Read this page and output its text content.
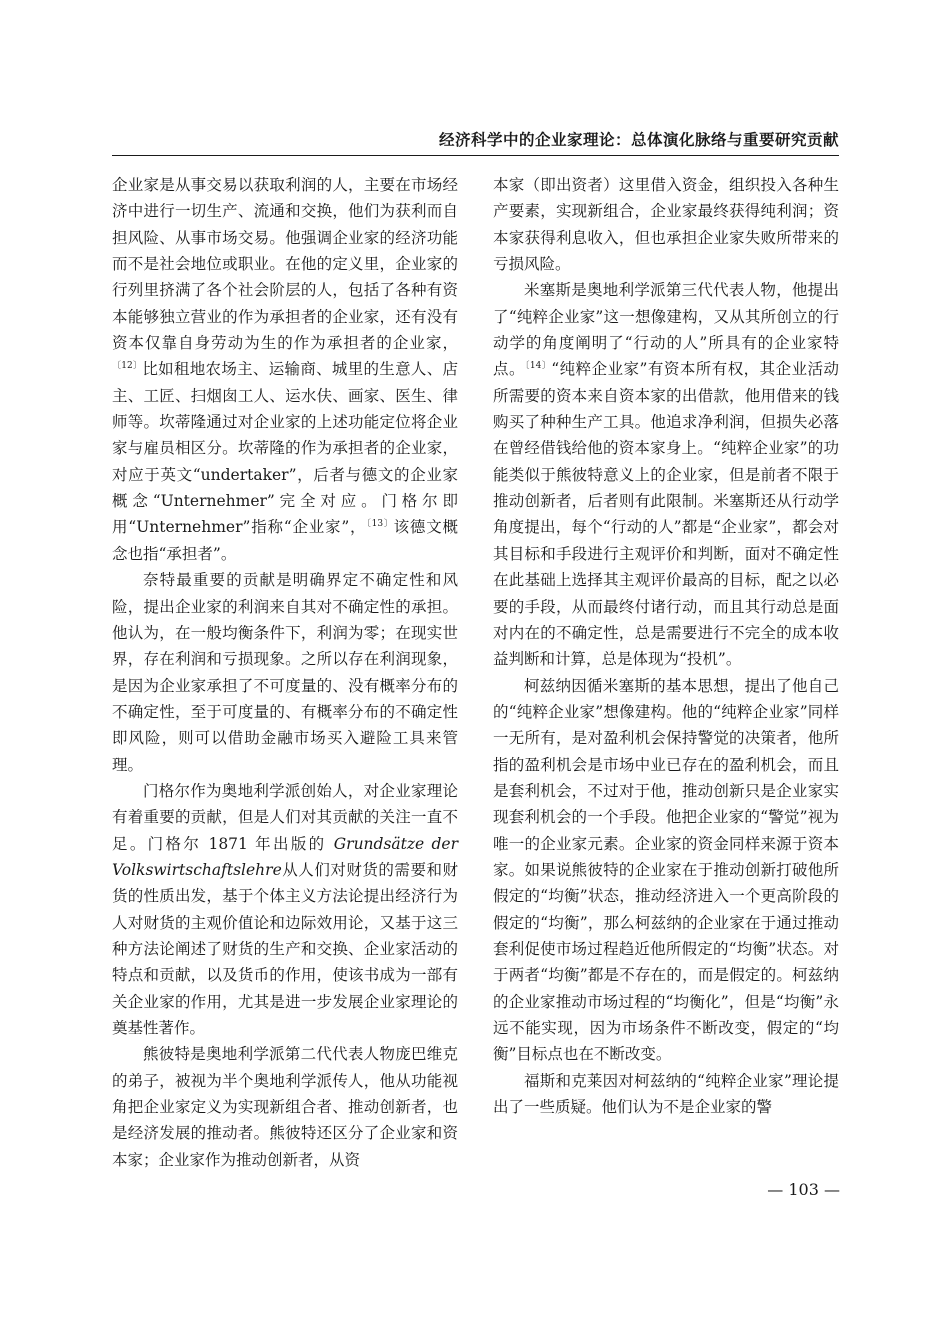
经济科学中的企业家理论：总体演化脉络与重要研究贡献

企业家是从事交易以获取利润的人，主要在市场经济中进行一切生产、流通和交换，他们为获利而自担风险、从事市场交易。他强调企业家的经济功能而不是社会地位或职业。在他的定义里，企业家的行列里挤满了各个社会阶层的人，包括了各种有资本能够独立营业的作为承担者的企业家，还有没有资本仅靠自身劳动为生的作为承担者的企业家，$^{〔12〕}$比如租地农场主、运输商、城里的生意人、店主、工匠、扫烟囱工人、运水伕、画家、医生、律师等。坎蒂隆通过对企业家的上述功能定位将企业家与雇员相区分。坎蒂隆的作为承担者的企业家，对应于英文“undertaker”，后者与德文的企业家概念“Unternehmer”完全对应。门格尔即用“Unternehmer”指称“企业家”，$^{〔13〕}$该德文概念也指“承担者”。

奈特最重要的贡献是明确界定不确定性和风险，提出企业家的利润来自其对不确定性的承担。他认为，在一般均衡条件下，利润为零；在现实世界，存在利润和亏损现象。之所以存在利润现象，是因为企业家承担了不可度量的、没有概率分布的不确定性，至于可度量的、有概率分布的不确定性即风险，则可以借助金融市场买入避险工具来管理。

门格尔作为奥地利学派创始人，对企业家理论有着重要的贡献，但是人们对其贡献的关注一直不足。门格尔 1871 年出版的 Grundsätze der Volkswirtschaftslehre从人们对财货的需要和财货的性质出发，基于个体主义方法论提出经济行为人对财货的主观价值论和边际效用论，又基于这三种方法论阐述了财货的生产和交换、企业家活动的特点和贡献，以及货币的作用，使该书成为一部有关企业家的作用，尤其是进一步发展企业家理论的奠基性著作。

熊彼特是奥地利学派第二代代表人物庞巴维克的弟子，被视为半个奥地利学派传人，他从功能视角把企业家定义为实现新组合者、推动创新者，也是经济发展的推动者。熊彼特还区分了企业家和资本家；企业家作为推动创新者，从资

本家（即出资者）这里借入资金，组织投入各种生产要素，实现新组合，企业家最终获得纯利润；资本家获得利息收入，但也承担企业家失败所带来的亏损风险。

米塞斯是奥地利学派第三代代表人物，他提出了“纯粹企业家”这一想像建构，又从其所创立的行动学的角度阐明了“行动的人”所具有的企业家特点。$^{〔14〕}$“纯粹企业家”有资本所有权，其企业活动所需要的资本来自资本家的出借款，他用借来的钱购买了种种生产工具。他追求净利润，但损失必落在曾经借钱给他的资本家身上。“纯粹企业家”的功能类似于熊彼特意义上的企业家，但是前者不限于推动创新者，后者则有此限制。米塞斯还从行动学角度提出，每个“行动的人”都是“企业家”，都会对其目标和手段进行主观评价和判断，面对不确定性在此基础上选择其主观评价最高的目标，配之以必要的手段，从而最终付诸行动，而且其行动总是面对内在的不确定性，总是需要进行不完全的成本收益判断和计算，总是体现为“投机”。

柯兹纳因循米塞斯的基本思想，提出了他自己的“纯粹企业家”想像建构。他的“纯粹企业家”同样一无所有，是对盈利机会保持警觉的决策者，他所指的盈利机会是市场中业已存在的盈利机会，而且是套利机会，不过对于他，推动创新只是企业家实现套利机会的一个手段。他把企业家的“警觉”视为唯一的企业家元素。企业家的资金同样来源于资本家。如果说熊彼特的企业家在于推动创新打破他所假定的“均衡”状态，推动经济进入一个更高阶段的假定的“均衡”，那么柯兹纳的企业家在于通过推动套利促使市场过程趋近他所假定的“均衡”状态。对于两者“均衡”都是不存在的，而是假定的。柯兹纳的企业家推动市场过程的“均衡化”，但是“均衡”永远不能实现，因为市场条件不断改变，假定的“均衡”目标点也在不断改变。

福斯和克莱因对柯兹纳的“纯粹企业家”理论提出了一些质疑。他们认为不是企业家的警

— 103 —
